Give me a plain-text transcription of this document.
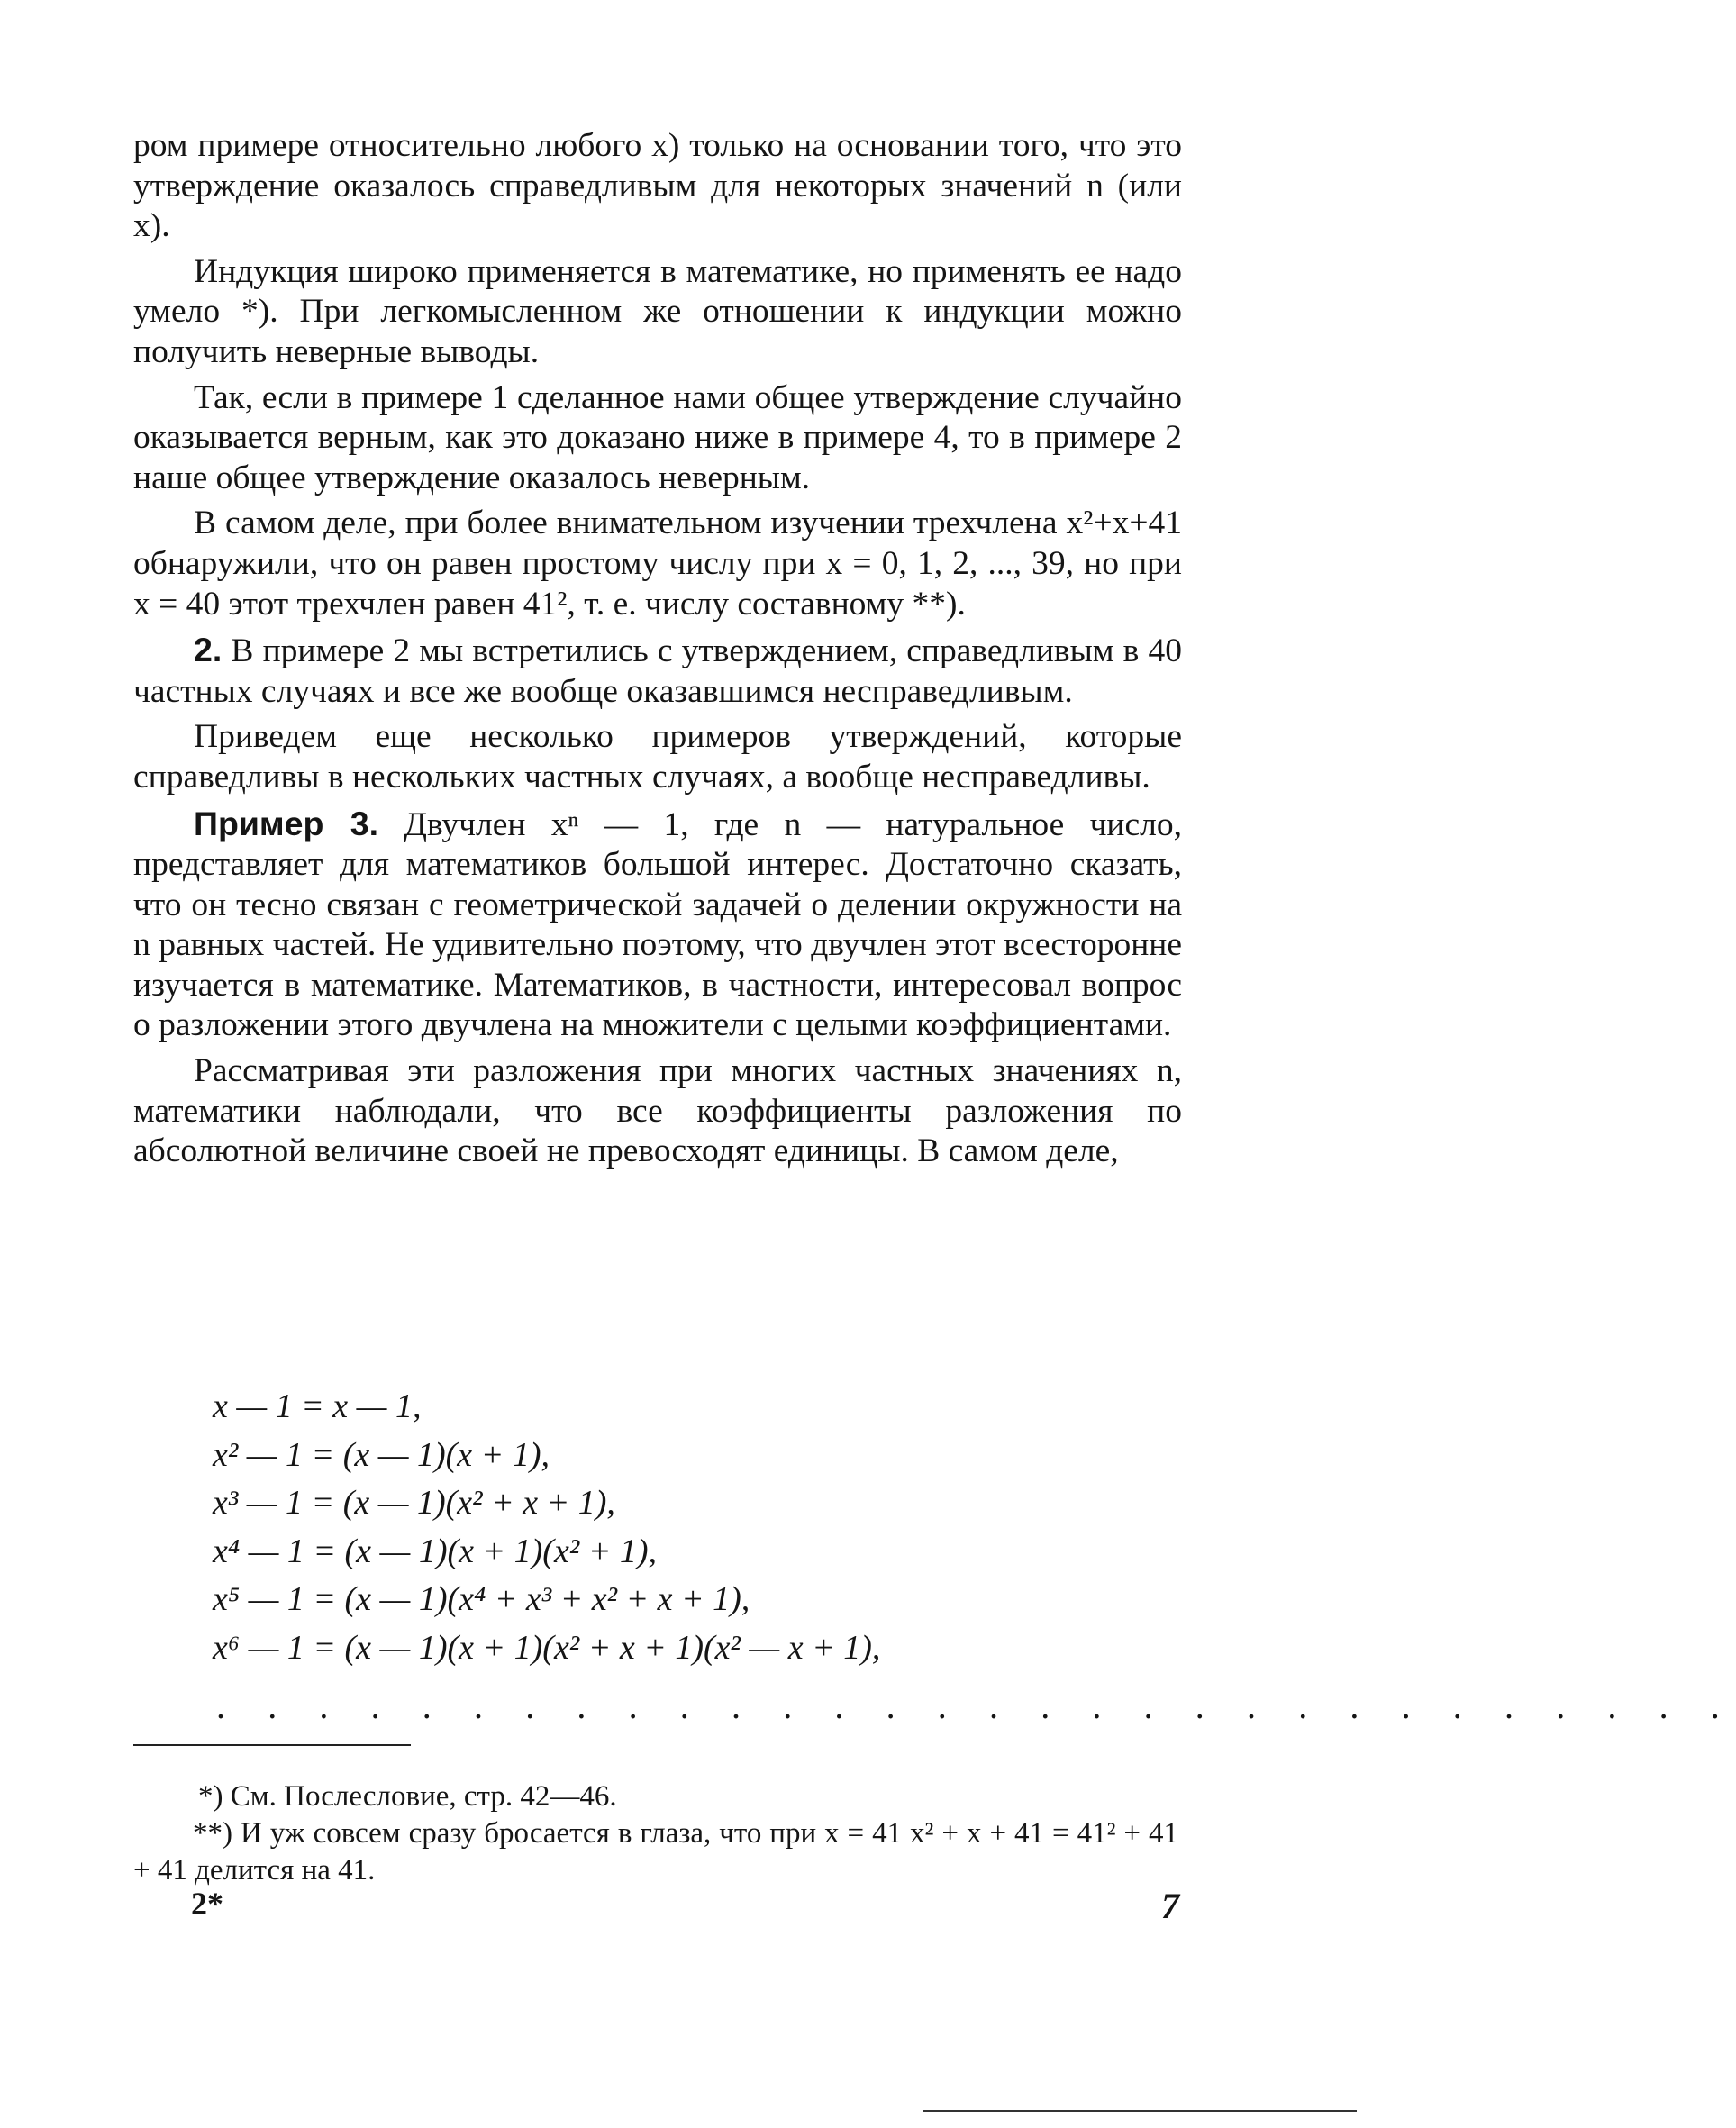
ром примере относительно любого x) только на основании того, что это утверждение оказалось справедливым для некоторых значений n (или x).

Индукция широко применяется в математике, но применять ее надо умело *). При легкомысленном же отношении к индукции можно получить неверные выводы.

Так, если в примере 1 сделанное нами общее утверждение случайно оказывается верным, как это доказано ниже в примере 4, то в примере 2 наше общее утверждение оказалось неверным.

В самом деле, при более внимательном изучении трехчлена x²+x+41 обнаружили, что он равен простому числу при x = 0, 1, 2, ..., 39, но при x = 40 этот трехчлен равен 41², т. е. числу составному **).

2. В примере 2 мы встретились с утверждением, справедливым в 40 частных случаях и все же вообще оказавшимся несправедливым.

Приведем еще несколько примеров утверждений, которые справедливы в нескольких частных случаях, а вообще несправедливы.

Пример 3. Двучлен xⁿ — 1, где n — натуральное число, представляет для математиков большой интерес. Достаточно сказать, что он тесно связан с геометрической задачей о делении окружности на n равных частей. Не удивительно поэтому, что двучлен этот всесторонне изучается в математике. Математиков, в частности, интересовал вопрос о разложении этого двучлена на множители с целыми коэффициентами.

Рассматривая эти разложения при многих частных значениях n, математики наблюдали, что все коэффициенты разложения по абсолютной величине своей не превосходят единицы. В самом деле,

x — 1 = x — 1,
x² — 1 = (x — 1)(x + 1),
x³ — 1 = (x — 1)(x² + x + 1),
x⁴ — 1 = (x — 1)(x + 1)(x² + 1),
x⁵ — 1 = (x — 1)(x⁴ + x³ + x² + x + 1),
x⁶ — 1 = (x — 1)(x + 1)(x² + x + 1)(x² — x + 1),
. . . . . . . . . . . . . . . . . . . . . . . . . . . . . .

*) См. Послесловие, стр. 42—46.

**) И уж совсем сразу бросается в глаза, что при x = 41 x² + x + 41 = 41² + 41 + 41 делится на 41.

2*	7
